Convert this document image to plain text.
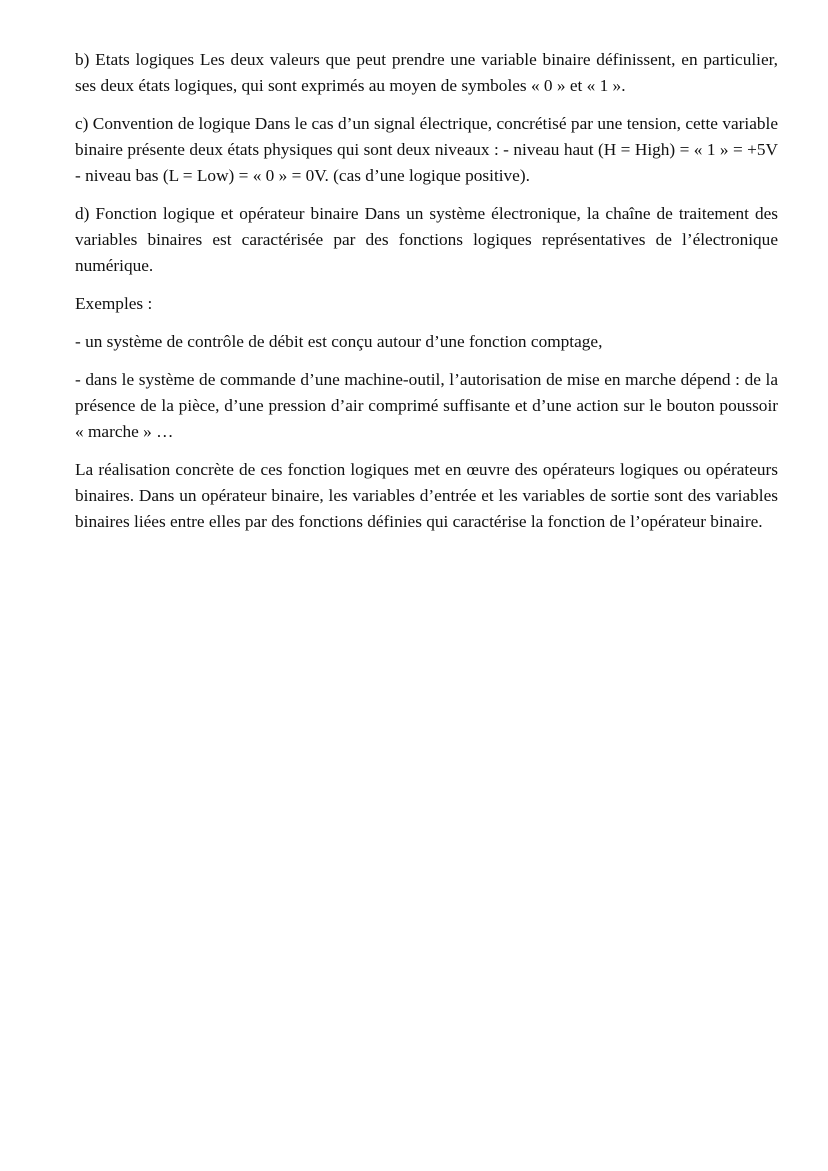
b) Etats logiques Les deux valeurs que peut prendre une variable binaire définissent, en particulier, ses deux états logiques, qui sont exprimés au moyen de symboles « 0 » et « 1 ».

c) Convention de logique Dans le cas d’un signal électrique, concrétisé par une tension, cette variable binaire présente deux états physiques qui sont deux niveaux : - niveau haut (H = High) = « 1 » = +5V - niveau bas (L = Low) = « 0 » = 0V. (cas d’une logique positive).

d) Fonction logique et opérateur binaire Dans un système électronique, la chaîne de traitement des variables binaires est caractérisée par des fonctions logiques représentatives de l’électronique numérique.

Exemples :

- un système de contrôle de débit est conçu autour d’une fonction comptage,

- dans le système de commande d’une machine-outil, l’autorisation de mise en marche dépend : de la présence de la pièce, d’une pression d’air comprimé suffisante et d’une action sur le bouton poussoir « marche » …

La réalisation concrète de ces fonction logiques met en œuvre des opérateurs logiques ou opérateurs binaires. Dans un opérateur binaire, les variables d’entrée et les variables de sortie sont des variables binaires liées entre elles par des fonctions définies qui caractérise la fonction de l’opérateur binaire.
